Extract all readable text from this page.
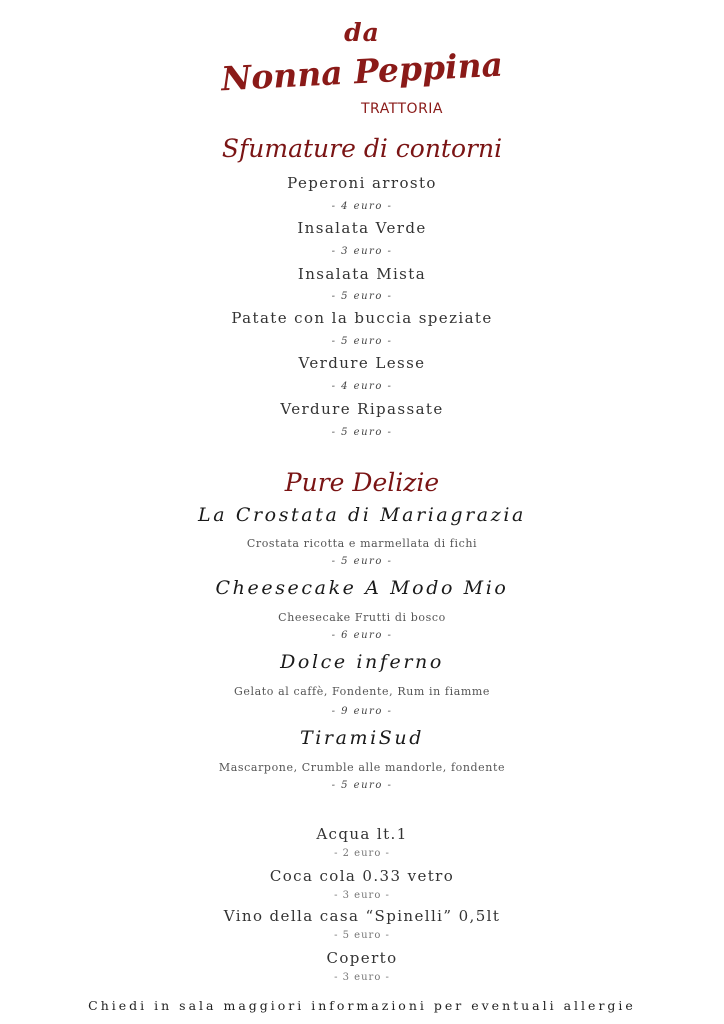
da
Nonna Peppina
TRATTORIA
Sfumature di contorni
Peperoni arrosto
- 4 euro -
Insalata Verde
- 3 euro -
Insalata Mista
- 5 euro -
Patate con la buccia speziate
- 5 euro -
Verdure Lesse
- 4 euro -
Verdure Ripassate
- 5 euro -
Pure Delizie
La Crostata di Mariagrazia
Crostata ricotta e marmellata di fichi
- 5 euro -
Cheesecake A Modo Mio
Cheesecake Frutti di bosco
- 6 euro -
Dolce inferno
Gelato al caffè, Fondente, Rum in fiamme
- 9 euro -
TiramiSud
Mascarpone, Crumble alle mandorle, fondente
- 5 euro -
Acqua lt.1
- 2 euro -
Coca cola 0.33 vetro
- 3 euro -
Vino della casa “Spinelli” 0,5lt
- 5 euro -
Coperto
- 3 euro -
Chiedi in sala maggiori informazioni per eventuali allergie
